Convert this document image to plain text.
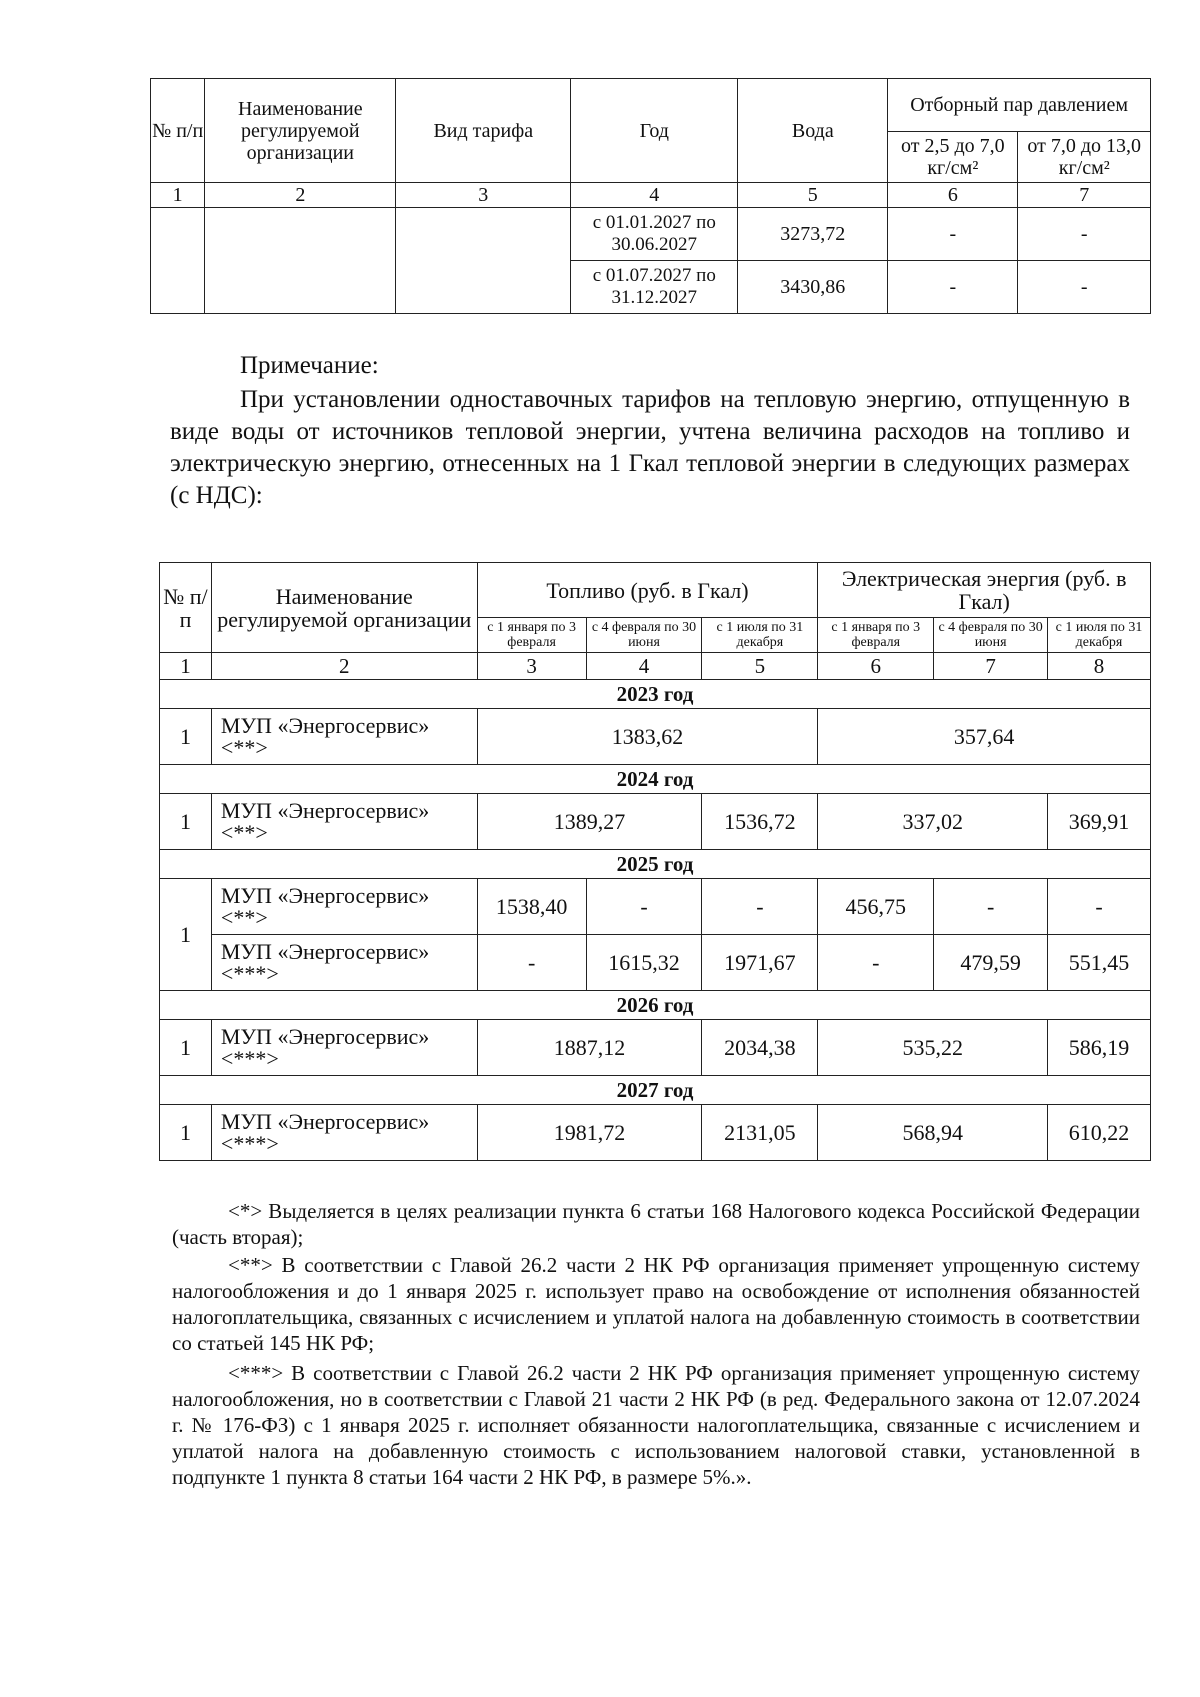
№ п/п	Наименование регулируемой организации	Вид тарифа	Год	Вода	Отборный пар давлением	
					от 2,5 до 7,0 кг/см²	от 7,0 до 13,0 кг/см²
1	2	3	4	5	6	7
			с 01.01.2027 по 30.06.2027	3273,72	-	-
			с 01.07.2027 по 31.12.2027	3430,86	-	-
Примечание:
При установлении одноставочных тарифов на тепловую энергию, отпущенную в виде воды от источников тепловой энергии, учтена величина расходов на топливо и электрическую энергию, отнесенных на 1 Гкал тепловой энергии в следующих размерах (с НДС):
№ п/п	Наименование регулируемой организации	Топливо (руб. в Гкал)			Электрическая энергия (руб. в Гкал)		
		с 1 января по 3 февраля	с 4 февраля по 30 июня	с 1 июля по 31 декабря	с 1 января по 3 февраля	с 4 февраля по 30 июня	с 1 июля по 31 декабря
1	2	3	4	5	6	7	8
2023 год							
1	МУП «Энергосервис» <**>	1383,62			357,64		
2024 год							
1	МУП «Энергосервис» <**>	1389,27		1536,72	337,02		369,91
2025 год							
1	МУП «Энергосервис» <**>	1538,40	-	-	456,75	-	-
	МУП «Энергосервис» <***>	-	1615,32	1971,67	-	479,59	551,45
2026 год							
1	МУП «Энергосервис» <***>	1887,12		2034,38	535,22		586,19
2027 год							
1	МУП «Энергосервис» <***>	1981,72		2131,05	568,94		610,22
<*> Выделяется в целях реализации пункта 6 статьи 168 Налогового кодекса Российской Федерации (часть вторая);
<**> В соответствии с Главой 26.2 части 2 НК РФ организация применяет упрощенную систему налогообложения и до 1 января 2025 г. использует право на освобождение от исполнения обязанностей налогоплательщика, связанных с исчислением и уплатой налога на добавленную стоимость в соответствии со статьей 145 НК РФ;
<***> В соответствии с Главой 26.2 части 2 НК РФ организация применяет упрощенную систему налогообложения, но в соответствии с Главой 21 части 2 НК РФ (в ред. Федерального закона от 12.07.2024 г. № 176-ФЗ) с 1 января 2025 г. исполняет обязанности налогоплательщика, связанные с исчислением и уплатой налога на добавленную стоимость с использованием налоговой ставки, установленной в подпункте 1 пункта 8 статьи 164 части 2 НК РФ, в размере 5%.».
